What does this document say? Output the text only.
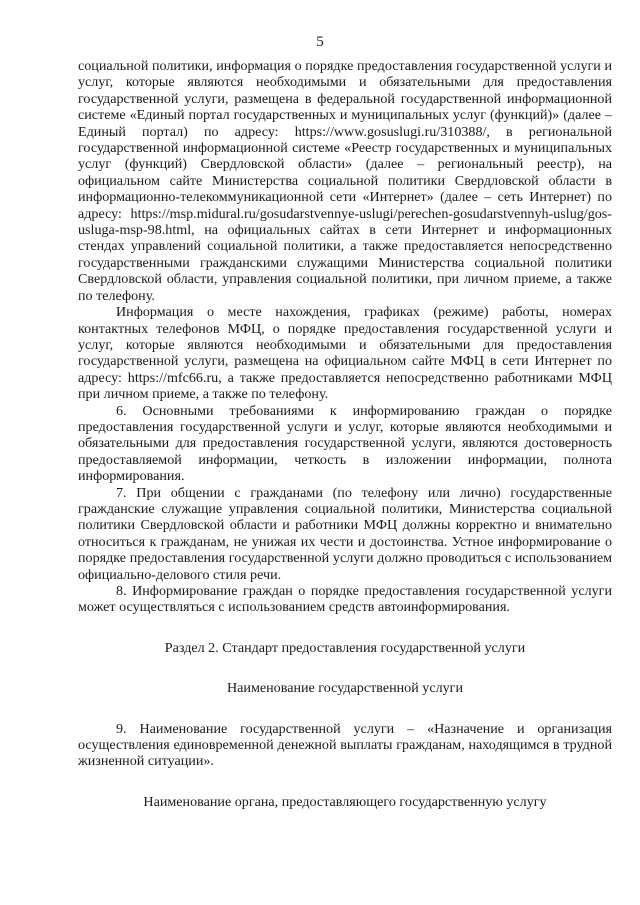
5

социальной политики, информация о порядке предоставления государственной услуги и услуг, которые являются необходимыми и обязательными для предоставления государственной услуги, размещена в федеральной государственной информационной системе «Единый портал государственных и муниципальных услуг (функций)» (далее – Единый портал) по адресу: https://www.gosuslugi.ru/310388/, в региональной государственной информационной системе «Реестр государственных и муниципальных услуг (функций) Свердловской области» (далее – региональный реестр), на официальном сайте Министерства социальной политики Свердловской области в информационно-телекоммуникационной сети «Интернет» (далее – сеть Интернет) по адресу: https://msp.midural.ru/gosudarstvennye-uslugi/perechen-gosudarstvennyh-uslug/gos-usluga-msp-98.html, на официальных сайтах в сети Интернет и информационных стендах управлений социальной политики, а также предоставляется непосредственно государственными гражданскими служащими Министерства социальной политики Свердловской области, управления социальной политики, при личном приеме, а также по телефону.

Информация о месте нахождения, графиках (режиме) работы, номерах контактных телефонов МФЦ, о порядке предоставления государственной услуги и услуг, которые являются необходимыми и обязательными для предоставления государственной услуги, размещена на официальном сайте МФЦ в сети Интернет по адресу: https://mfc66.ru, а также предоставляется непосредственно работниками МФЦ при личном приеме, а также по телефону.

6. Основными требованиями к информированию граждан о порядке предоставления государственной услуги и услуг, которые являются необходимыми и обязательными для предоставления государственной услуги, являются достоверность предоставляемой информации, четкость в изложении информации, полнота информирования.

7. При общении с гражданами (по телефону или лично) государственные гражданские служащие управления социальной политики, Министерства социальной политики Свердловской области и работники МФЦ должны корректно и внимательно относиться к гражданам, не унижая их чести и достоинства. Устное информирование о порядке предоставления государственной услуги должно проводиться с использованием официально-делового стиля речи.

8. Информирование граждан о порядке предоставления государственной услуги может осуществляться с использованием средств автоинформирования.

Раздел 2. Стандарт предоставления государственной услуги

Наименование государственной услуги

9. Наименование государственной услуги – «Назначение и организация осуществления единовременной денежной выплаты гражданам, находящимся в трудной жизненной ситуации».

Наименование органа, предоставляющего государственную услугу
